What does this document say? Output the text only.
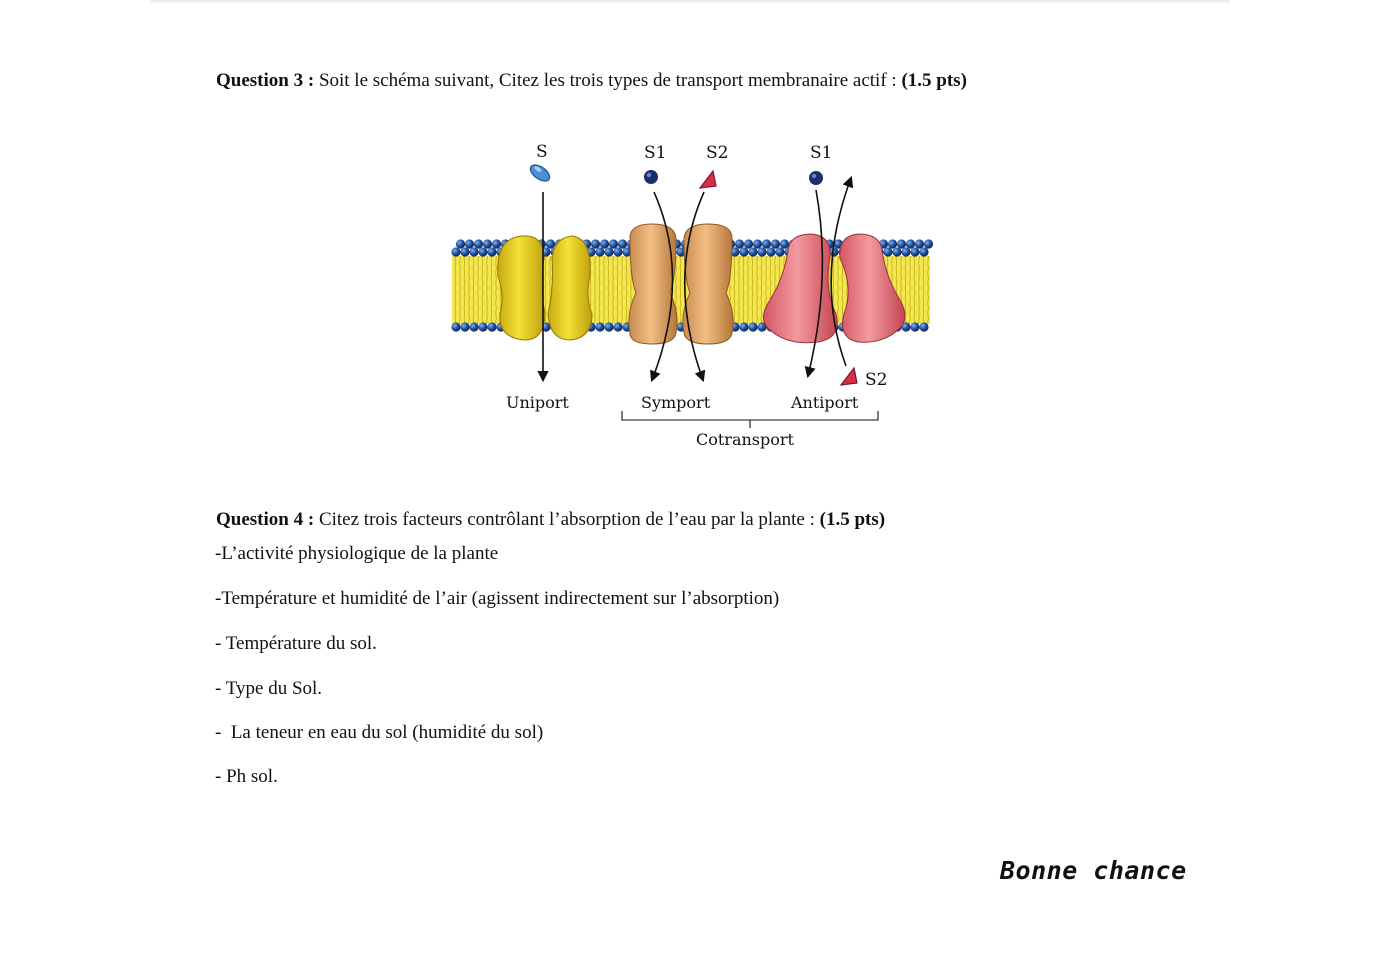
Question 3 : Soit le schéma suivant, Citez les trois types de transport membranaire actif : (1.5 pts)
S	S1 S2	S1
S2
Uniport	Symport	Antiport
Cotransport
Question 4 : Citez trois facteurs contrôlant l’absorption de l’eau par la plante : (1.5 pts)
-L’activité physiologique de la plante
-Température et humidité de l’air (agissent indirectement sur l’absorption)
- Température du sol.
- Type du Sol.
-  La teneur en eau du sol (humidité du sol)
- Ph sol.
Bonne chance
